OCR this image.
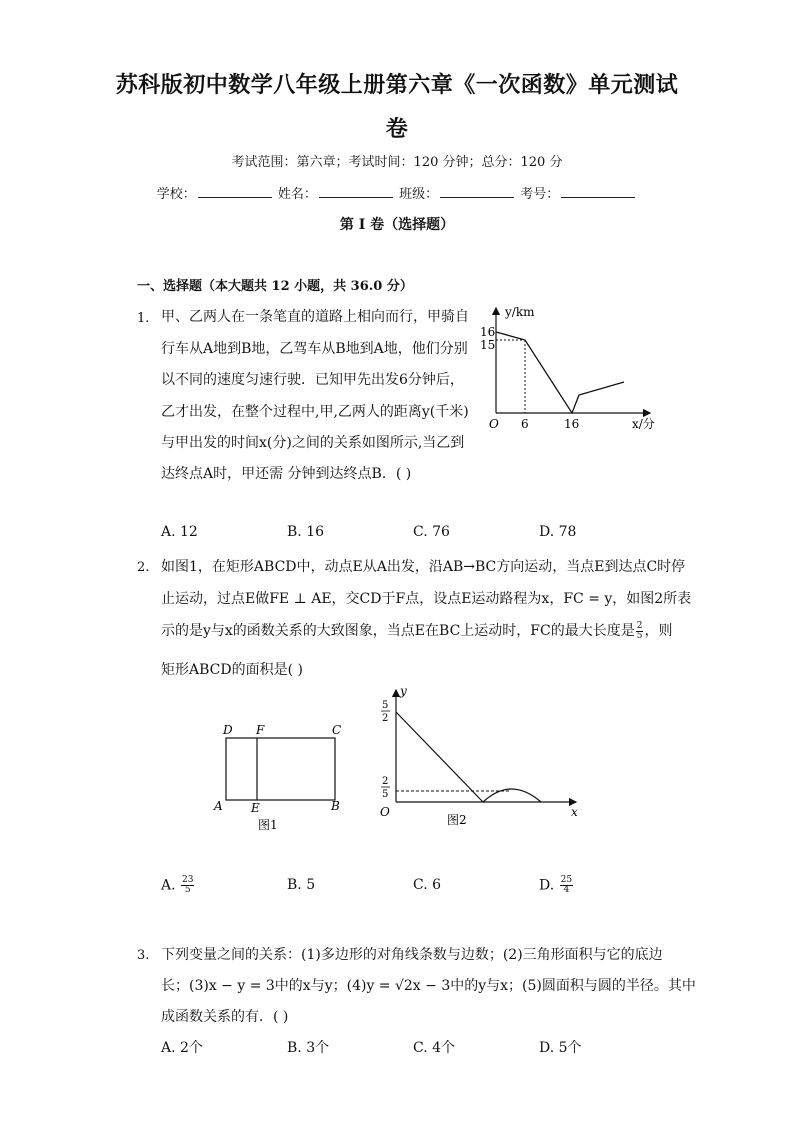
苏科版初中数学八年级上册第六章《一次函数》单元测试
卷
考试范围：第六章；考试时间：120 分钟；总分：120 分
学校：	姓名：	班级：	考号：
第 I 卷（选择题）
一、选择题（本大题共 12 小题，共 36.0 分）
1. 甲、乙两人在一条笔直的道路上相向而行，甲骑自
行车从A地到B地，乙驾车从B地到A地，他们分别
以不同的速度匀速行驶．已知甲先出发6分钟后，
乙才出发，在整个过程中,甲,乙两人的距离y(千米)
与甲出发的时间x(分)之间的关系如图所示,当乙到
达终点A时，甲还需 分钟到达终点B．( )
y/km
16
15
O 6	16	x/分
A. 12	B. 16	C. 76	D. 78
2. 如图1，在矩形ABCD中，动点E从A出发，沿AB→BC方向运动，当点E到达点C时停
止运动，过点E做FE ⊥ AE，交CD于F点，设点E运动路程为x，FC = y，如图2所表
示的是y与x的函数关系的大致图象，当点E在BC上运动时，FC的最大长度是 $\frac{2}{5}$ ，则
矩形ABCD的面积是( )
D F	C
A E	B
图1
y
5
2
2
5
O	x
图2
A. $\frac{23}{5}$	B. 5	C. 6	D. $\frac{25}{4}$
3. 下列变量之间的关系：(1)多边形的对角线条数与边数；(2)三角形面积与它的底边
长；(3)x − y = 3中的x与y；(4)y = √2x − 3中的y与x；(5)圆面积与圆的半径。其中
成函数关系的有．( )
A. 2个	B. 3个	C. 4个	D. 5个
